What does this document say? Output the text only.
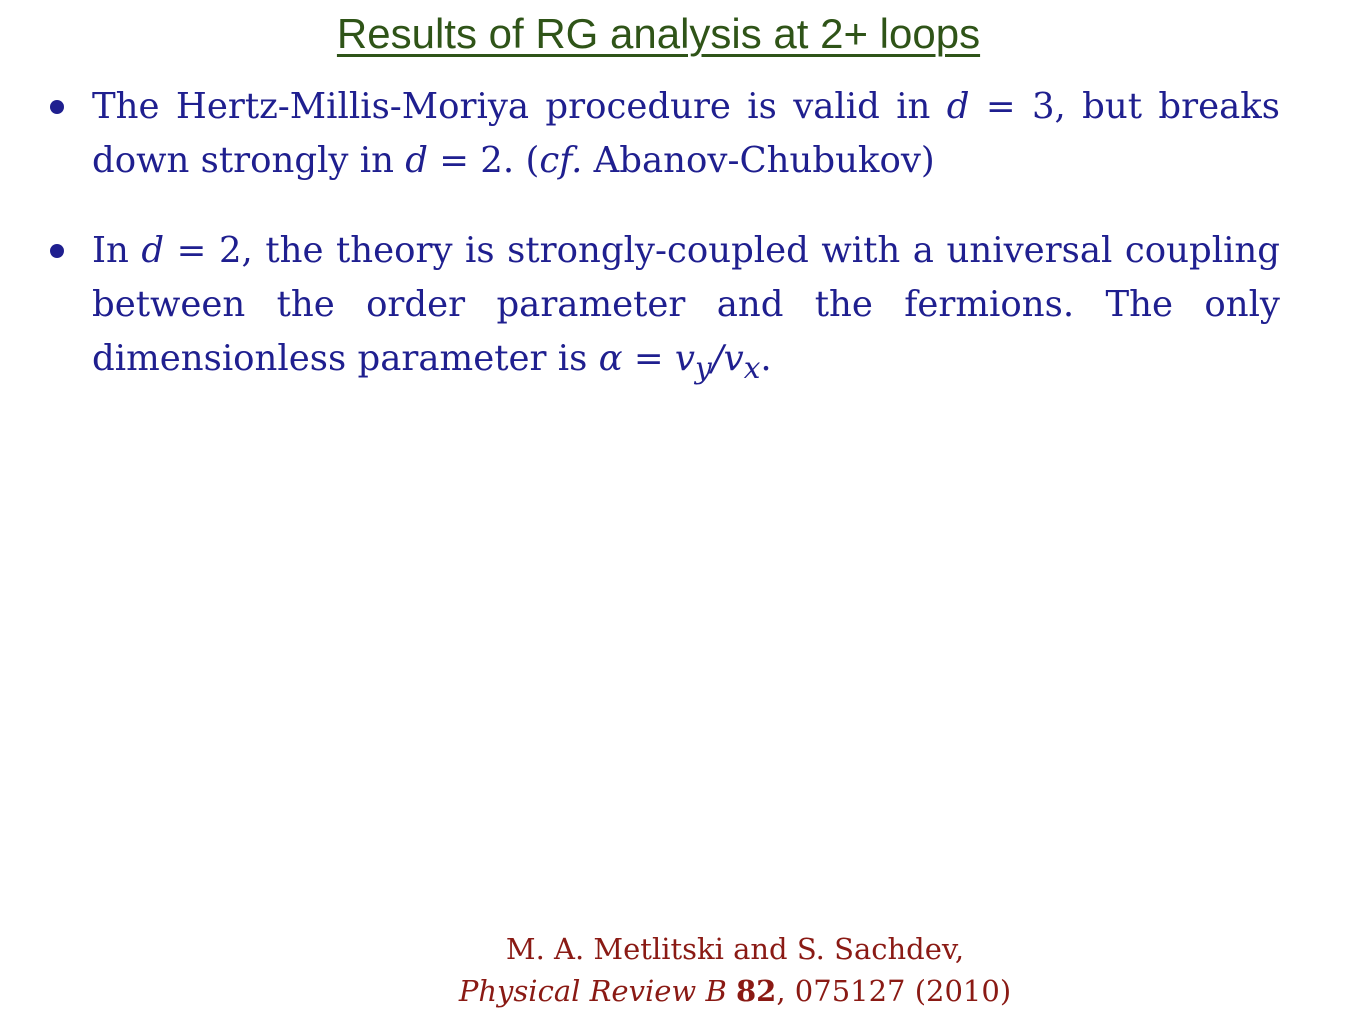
Results of RG analysis at 2+ loops
The Hertz-Millis-Moriya procedure is valid in d = 3, but breaks down strongly in d = 2. (cf. Abanov-Chubukov)
In d = 2, the theory is strongly-coupled with a universal coupling between the order parameter and the fermions. The only dimensionless parameter is $\alpha = v_y/v_x$.
M. A. Metlitski and S. Sachdev,
Physical Review B 82, 075127 (2010)
